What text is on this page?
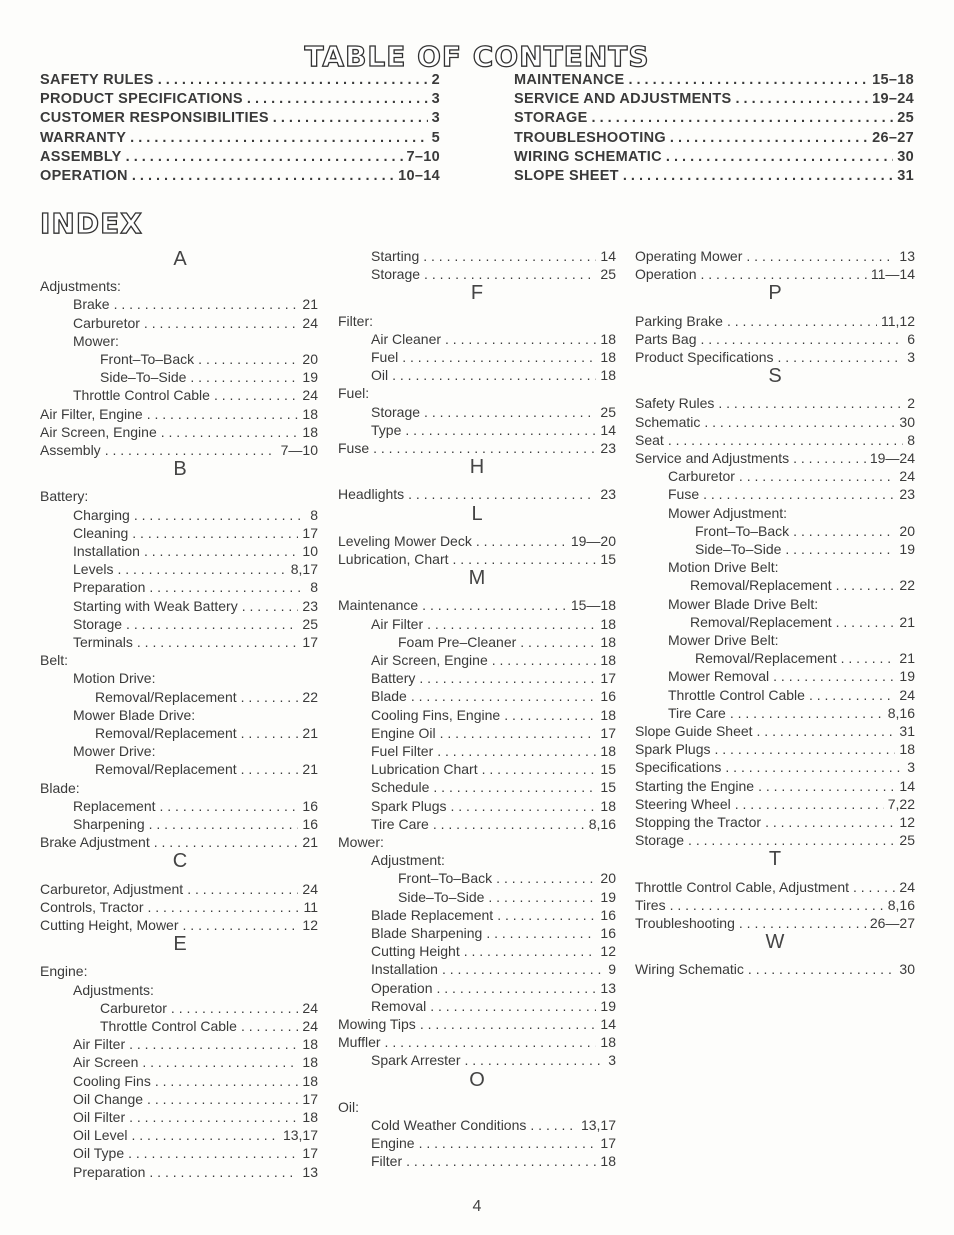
TABLE OF CONTENTS
SAFETY RULES . . .	2
PRODUCT SPECIFICATIONS . . .	3
CUSTOMER RESPONSIBILITIES . . .	3
WARRANTY . . .	5
ASSEMBLY . . .	7–10
OPERATION . . .	10–14
MAINTENANCE . . .	15–18
SERVICE AND ADJUSTMENTS . . .	19–24
STORAGE . . .	25
TROUBLESHOOTING . . .	26–27
WIRING SCHEMATIC . . .	30
SLOPE SHEET . . .	31
INDEX
A
Adjustments:
Brake . . .	21
Carburetor . . .	24
Mower:
Front–To–Back . . .	20
Side–To–Side . . .	19
Throttle Control Cable . . .	24
Air Filter, Engine . . .	18
Air Screen, Engine . . .	18
Assembly . . .	7—10
B
Battery:
Charging . . .	8
Cleaning . . .	17
Installation . . .	10
Levels . . .	8,17
Preparation . . .	8
Starting with Weak Battery . . .	23
Storage . . .	25
Terminals . . .	17
Belt:
Motion Drive:
Removal/Replacement . . .	22
Mower Blade Drive:
Removal/Replacement . . .	21
Mower Drive:
Removal/Replacement . . .	21
Blade:
Replacement . . .	16
Sharpening . . .	16
Brake Adjustment . . .	21
C
Carburetor, Adjustment . . .	24
Controls, Tractor . . .	11
Cutting Height, Mower . . .	12
E
Engine:
Adjustments:
Carburetor . . .	24
Throttle Control Cable . . .	24
Air Filter . . .	18
Air Screen . . .	18
Cooling Fins . . .	18
Oil Change . . .	17
Oil Filter . . .	18
Oil Level . . .	13,17
Oil Type . . .	17
Preparation . . .	13
Starting . . .	14
Storage . . .	25
F
Filter:
Air Cleaner . . .	18
Fuel . . .	18
Oil . . .	18
Fuel:
Storage . . .	25
Type . . .	14
Fuse . . .	23
H
Headlights . . .	23
L
Leveling Mower Deck . . .	19—20
Lubrication, Chart . . .	15
M
Maintenance . . .	15—18
Air Filter . . .	18
Foam Pre–Cleaner . . .	18
Air Screen, Engine . . .	18
Battery . . .	17
Blade . . .	16
Cooling Fins, Engine . . .	18
Engine Oil . . .	17
Fuel Filter . . .	18
Lubrication Chart . . .	15
Schedule . . .	15
Spark Plugs . . .	18
Tire Care . . .	8,16
Mower:
Adjustment:
Front–To–Back . . .	20
Side–To–Side . . .	19
Blade Replacement . . .	16
Blade Sharpening . . .	16
Cutting Height . . .	12
Installation . . .	9
Operation . . .	13
Removal . . .	19
Mowing Tips . . .	14
Muffler . . .	18
Spark Arrester . . .	3
O
Oil:
Cold Weather Conditions . . .	13,17
Engine . . .	17
Filter . . .	18
Operating Mower . . .	13
Operation . . .	11—14
P
Parking Brake . . .	11,12
Parts Bag . . .	6
Product Specifications . . .	3
S
Safety Rules . . .	2
Schematic . . .	30
Seat . . .	8
Service and Adjustments . . .	19—24
Carburetor . . .	24
Fuse . . .	23
Mower Adjustment:
Front–To–Back . . .	20
Side–To–Side . . .	19
Motion Drive Belt:
Removal/Replacement . . .	22
Mower Blade Drive Belt:
Removal/Replacement . . .	21
Mower Drive Belt:
Removal/Replacement . . .	21
Mower Removal . . .	19
Throttle Control Cable . . .	24
Tire Care . . .	8,16
Slope Guide Sheet . . .	31
Spark Plugs . . .	18
Specifications . . .	3
Starting the Engine . . .	14
Steering Wheel . . .	7,22
Stopping the Tractor . . .	12
Storage . . .	25
T
Throttle Control Cable, Adjustment . . .	24
Tires . . .	8,16
Troubleshooting . . .	26—27
W
Wiring Schematic . . .	30
4
